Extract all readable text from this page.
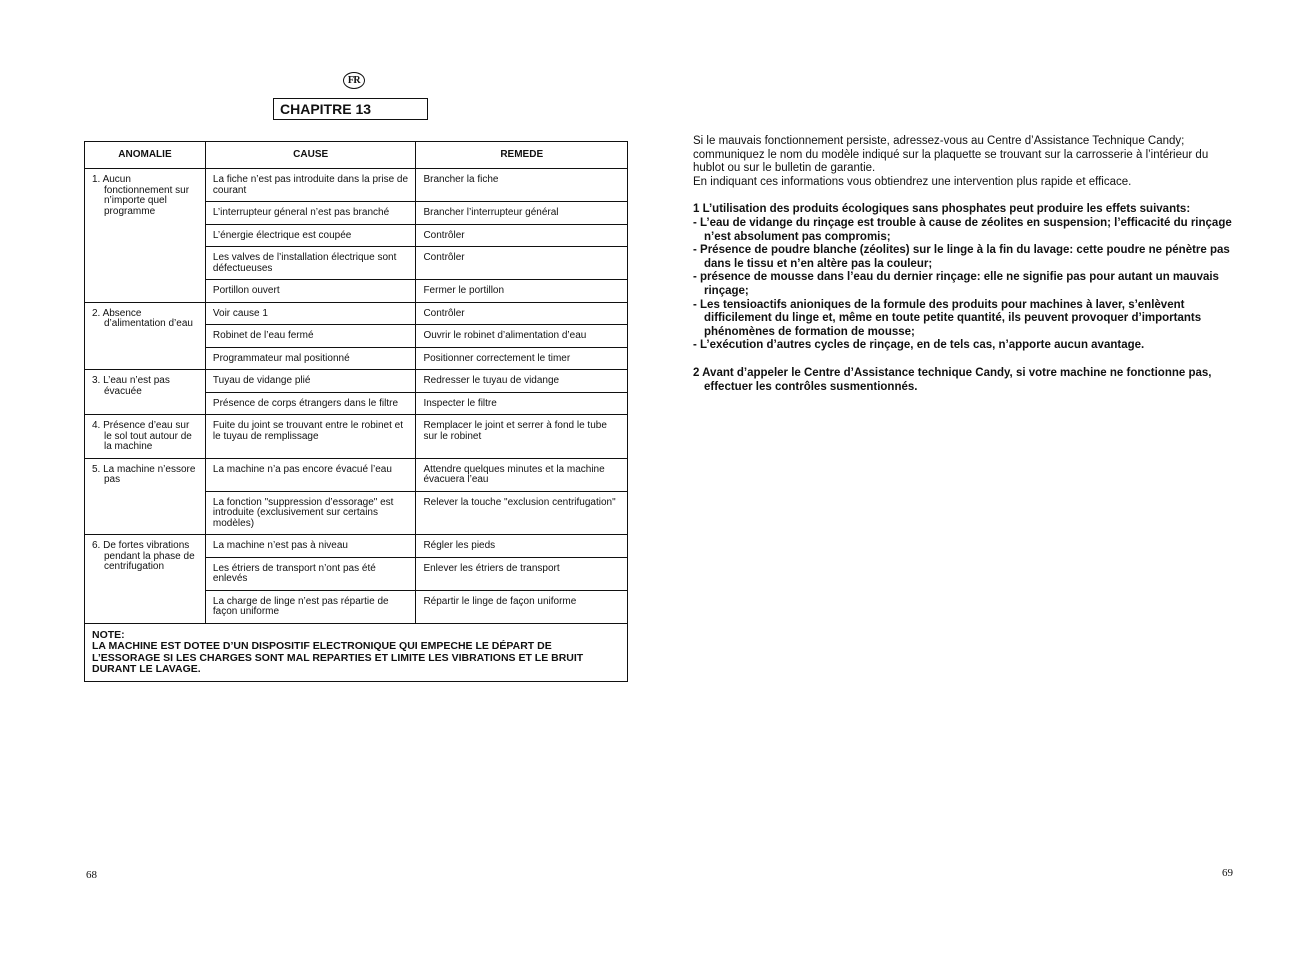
FR
CHAPITRE 13
ANOMALIE	CAUSE	REMEDE

1. Aucun fonctionnement sur n’importe quel programme	La fiche n’est pas introduite dans la prise de courant	Brancher la fiche
	L’interrupteur géneral n’est pas branché	Brancher l’interrupteur général
	L’énergie électrique est coupée	Contrôler
	Les valves de l’installation électrique sont défectueuses	Contrôler
	Portillon ouvert	Fermer le portillon

2. Absence d’alimentation d’eau	Voir cause 1	Contrôler
	Robinet de l’eau fermé	Ouvrir le robinet d’alimentation d’eau
	Programmateur mal positionné	Positionner correctement le timer

3. L’eau n’est pas évacuée	Tuyau de vidange plié	Redresser le tuyau de vidange
	Présence de corps étrangers dans le filtre	Inspecter le filtre

4. Présence d’eau sur le sol tout autour de la machine	Fuite du joint se trouvant entre le robinet et le tuyau de remplissage	Remplacer le joint et serrer à fond le tube sur le robinet

5. La machine n’essore pas	La machine n’a pas encore évacué l’eau	Attendre quelques minutes et la machine évacuera l’eau
	La fonction "suppression d’essorage" est introduite (exclusivement sur certains modèles)	Relever la touche "exclusion centrifugation"

6. De fortes vibrations pendant la phase de centrifugation	La machine n’est pas à niveau	Régler les pieds
	Les étriers de transport n’ont pas été enlevés	Enlever les étriers de transport
	La charge de linge n’est pas répartie de façon uniforme	Répartir le linge de façon uniforme

NOTE:
LA MACHINE EST DOTEE D’UN DISPOSITIF ELECTRONIQUE QUI EMPECHE LE DÉPART DE L’ESSORAGE SI LES CHARGES SONT MAL REPARTIES ET LIMITE LES VIBRATIONS ET LE BRUIT DURANT LE LAVAGE.		
68	69

Si le mauvais fonctionnement persiste, adressez-vous au Centre d’Assistance Technique Candy; communiquez le nom du modèle indiqué sur la plaquette se trouvant sur la carrosserie à l’intérieur du hublot ou sur le bulletin de garantie.

En indiquant ces informations vous obtiendrez une intervention plus rapide et efficace.

1 L’utilisation des produits écologiques sans phosphates peut produire les effets suivants:

- L’eau de vidange du rinçage est trouble à cause de zéolites en suspension; l’efficacité du rinçage n’est absolument pas compromis;

- Présence de poudre blanche (zéolites) sur le linge à la fin du lavage: cette poudre ne pénètre pas dans le tissu et n’en altère pas la couleur;

- présence de mousse dans l’eau du dernier rinçage: elle ne signifie pas pour autant un mauvais rinçage;

- Les tensioactifs anioniques de la formule des produits pour machines à laver, s’enlèvent difficilement du linge et, même en toute petite quantité, ils peuvent provoquer d’importants phénomènes de formation de mousse;

- L’exécution d’autres cycles de rinçage, en de tels cas, n’apporte aucun avantage.

2 Avant d’appeler le Centre d’Assistance technique Candy, si votre machine ne fonctionne pas, effectuer les contrôles susmentionnés.
